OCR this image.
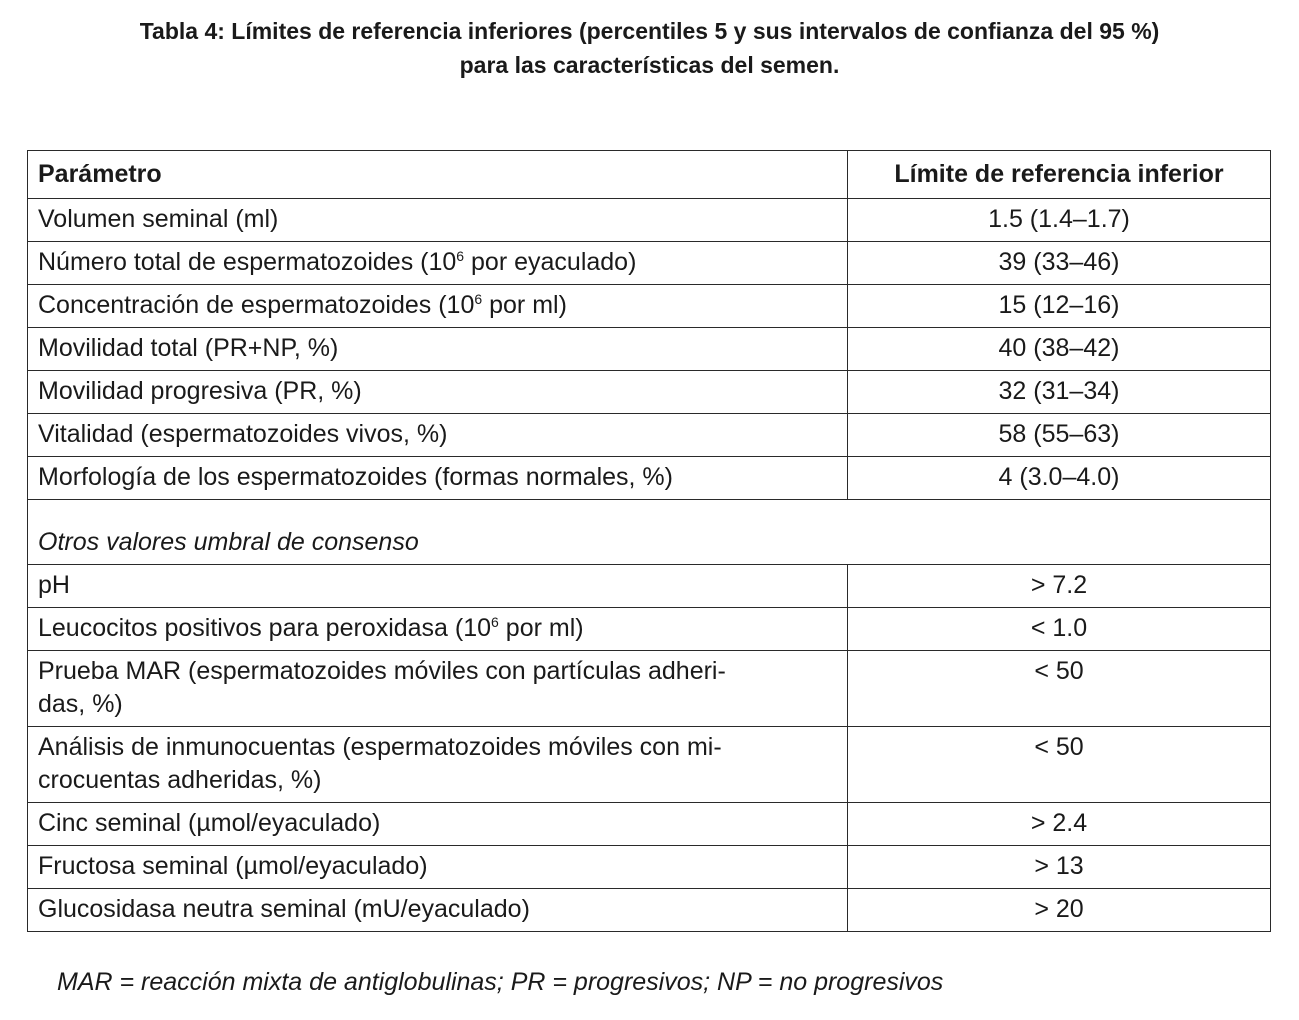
Tabla 4: Límites de referencia inferiores (percentiles 5 y sus intervalos de confianza del 95 %)
para las características del semen.
Parámetro	Límite de referencia inferior
Volumen seminal (ml)	1.5 (1.4–1.7)
Número total de espermatozoides ($10^6$ por eyaculado)	39 (33–46)
Concentración de espermatozoides ($10^6$ por ml)	15 (12–16)
Movilidad total (PR+NP, %)	40 (38–42)
Movilidad progresiva (PR, %)	32 (31–34)
Vitalidad (espermatozoides vivos, %)	58 (55–63)
Morfología de los espermatozoides (formas normales, %)	4 (3.0–4.0)
Otros valores umbral de consenso	
pH	> 7.2
Leucocitos positivos para peroxidasa ($10^6$ por ml)	< 1.0

Prueba MAR (espermatozoides móviles con partículas adheri-
das, %)	< 50

Análisis de inmunocuentas (espermatozoides móviles con mi-
crocuentas adheridas, %)	< 50
Cinc seminal (µmol/eyaculado)	> 2.4
Fructosa seminal (µmol/eyaculado)	> 13
Glucosidasa neutra seminal (mU/eyaculado)	> 20
MAR = reacción mixta de antiglobulinas; PR = progresivos; NP = no progresivos
